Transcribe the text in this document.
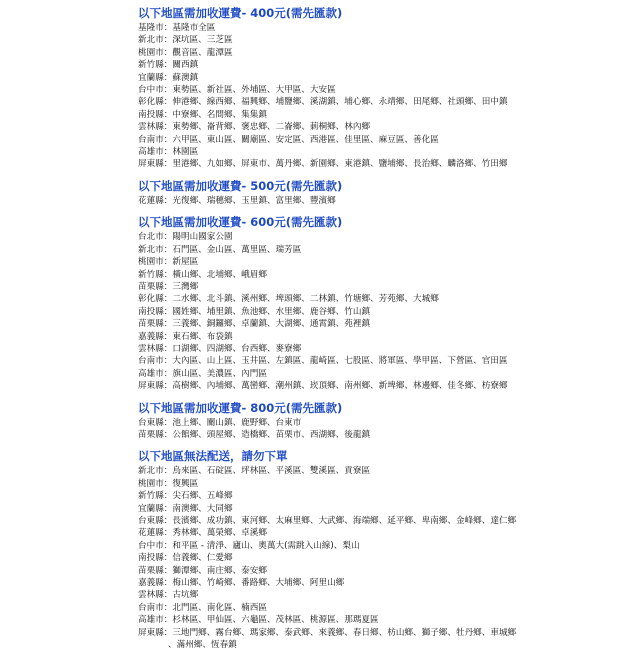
以下地區需加收運費- 400元(需先匯款)
基隆市：基隆市全區
新北市：深坑區、三芝區
桃園市：觀音區、龍潭區
新竹縣：關西鎮
宜蘭縣：蘇澳鎮
台中市：東勢區、新社區、外埔區、大甲區、大安區
彰化縣：伸港鄉、線西鄉、福興鄉、埔鹽鄉、溪湖鎮、埔心鄉、永靖鄉、田尾鄉、社頭鄉、田中鎮
南投縣：中寮鄉、名間鄉、集集鎮
雲林縣：東勢鄉、崙背鄉、褒忠鄉、二崙鄉、莿桐鄉、林內鄉
台南市：六甲區、東山區、關廟區、安定區、西港區、佳里區、麻豆區、善化區
高雄市：林園區
屏東縣：里港鄉、九如鄉、屏東市、萬丹鄉、新園鄉、東港鎮、鹽埔鄉、長治鄉、麟洛鄉、竹田鄉
以下地區需加收運費- 500元(需先匯款)
花蓮縣：光復鄉、瑞穗鄉、玉里鎮、富里鄉、豐濱鄉
以下地區需加收運費- 600元(需先匯款)
台北市：陽明山國家公園
新北市：石門區、金山區、萬里區、瑞芳區
桃園市：新屋區
新竹縣：橫山鄉、北埔鄉、峨眉鄉
苗栗縣：三灣鄉
彰化縣：二水鄉、北斗鎮、溪州鄉、埤頭鄉、二林鎮、竹塘鄉、芳苑鄉、大城鄉
南投縣：國姓鄉、埔里鎮、魚池鄉、水里鄉、鹿谷鄉、竹山鎮
苗栗縣：三義鄉、銅鑼鄉、卓蘭鎮、大湖鄉、通霄鎮、苑裡鎮
嘉義縣：東石鄉、布袋鎮
雲林縣：口湖鄉、四湖鄉、台西鄉、麥寮鄉
台南市：大內區、山上區、玉井區、左鎮區、龍崎區、七股區、將軍區、學甲區、下營區、官田區
高雄市：旗山區、美濃區、內門區
屏東縣：高樹鄉、內埔鄉、萬巒鄉、潮州鎮、崁頂鄉、南州鄉、新埤鄉、林邊鄉、佳冬鄉、枋寮鄉
以下地區需加收運費- 800元(需先匯款)
台東縣：池上鄉、關山鎮、鹿野鄉、台東市
苗栗縣：公館鄉、頭屋鄉、造橋鄉、苗栗市、西湖鄉、後龍鎮
以下地區無法配送，請勿下單
新北市：烏來區、石碇區、坪林區、平溪區、雙溪區、貢寮區
桃園市：復興區
新竹縣：尖石鄉、五峰鄉
宜蘭縣：南澳鄉、大同鄉
台東縣：長濱鄉、成功鎮、東河鄉、太麻里鄉、大武鄉、海端鄉、延平鄉、卑南鄉、金峰鄉、達仁鄉
花蓮縣：秀林鄉、萬榮鄉、卓溪鄉
台中市：和平區 - 清淨、廬山、奧萬大(需跳入山線)、梨山
南投縣：信義鄉、仁愛鄉
苗栗縣：獅潭鄉、南庄鄉、泰安鄉
嘉義縣：梅山鄉、竹崎鄉、番路鄉、大埔鄉、阿里山鄉
雲林縣：古坑鄉
台南市：北門區、南化區、楠西區
高雄市：杉林區、甲仙區、六龜區、茂林區、桃源區、那瑪夏區
屏東縣：三地門鄉、霧台鄉、瑪家鄉、泰武鄉、來義鄉、春日鄉、枋山鄉、獅子鄉、牡丹鄉、車城鄉
、滿州鄉、恆春鎮
